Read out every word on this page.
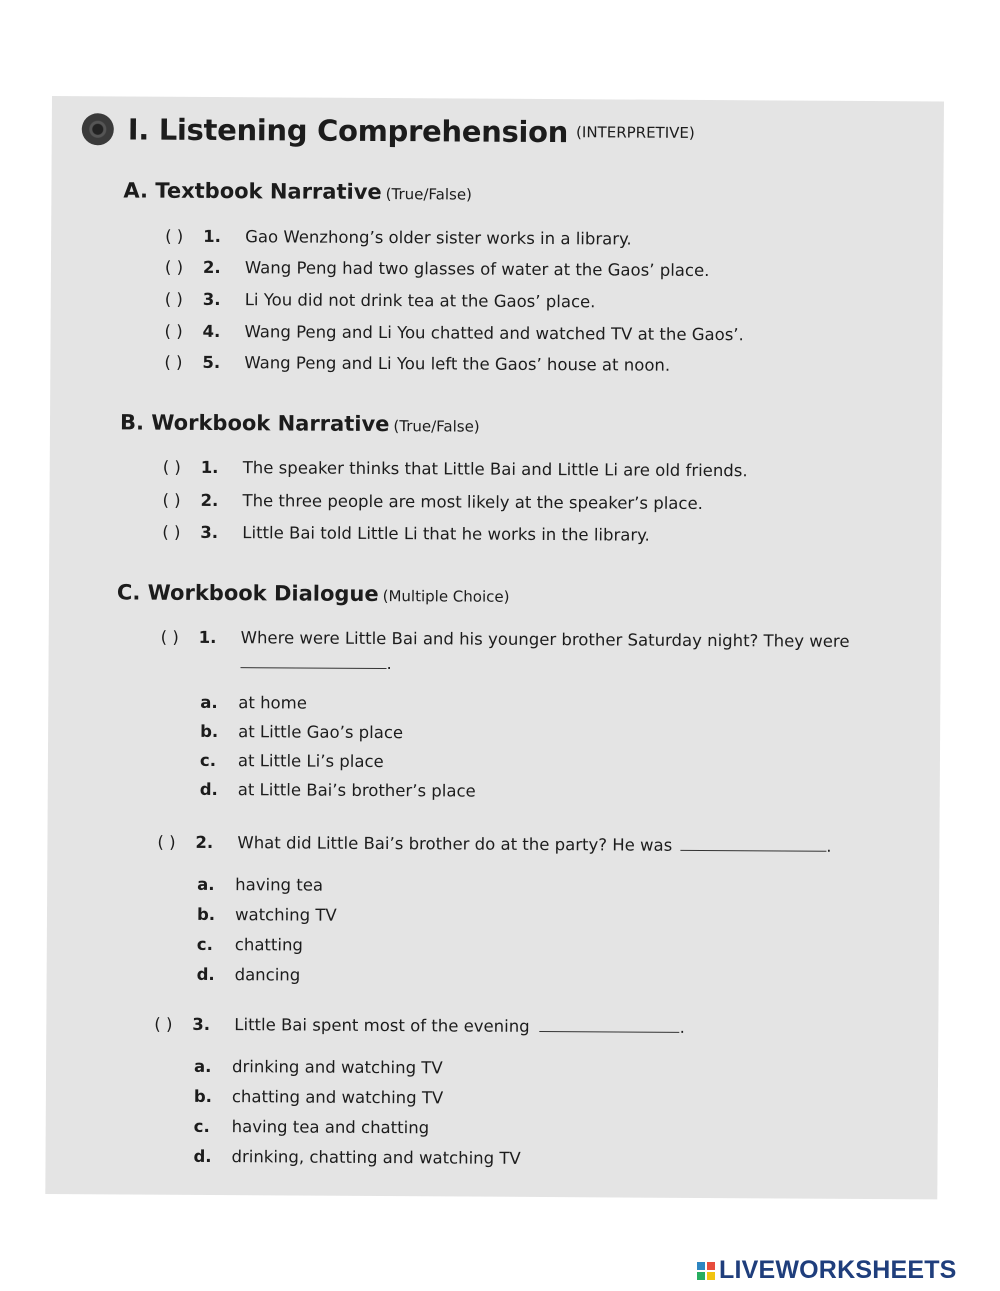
I. Listening Comprehension (INTERPRETIVE)
A. Textbook Narrative (True/False)
( )	1.	Gao Wenzhong’s older sister works in a library.
( )	2.	Wang Peng had two glasses of water at the Gaos’ place.
( )	3.	Li You did not drink tea at the Gaos’ place.
( )	4.	Wang Peng and Li You chatted and watched TV at the Gaos’.
( )	5.	Wang Peng and Li You left the Gaos’ house at noon.
B. Workbook Narrative (True/False)
( )	1.	The speaker thinks that Little Bai and Little Li are old friends.
( )	2.	The three people are most likely at the speaker’s place.
( )	3.	Little Bai told Little Li that he works in the library.
C. Workbook Dialogue (Multiple Choice)
( )	1.	Where were Little Bai and his younger brother Saturday night? They were
.
a. at home
b. at Little Gao’s place
c. at Little Li’s place
d. at Little Bai’s brother’s place
( )	2.	What did Little Bai’s brother do at the party? He was	.
a. having tea
b. watching TV
c. chatting
d. dancing
( )	3.	Little Bai spent most of the evening	.
a. drinking and watching TV
b. chatting and watching TV
c. having tea and chatting
d. drinking, chatting and watching TV
LIVEWORKSHEETS
